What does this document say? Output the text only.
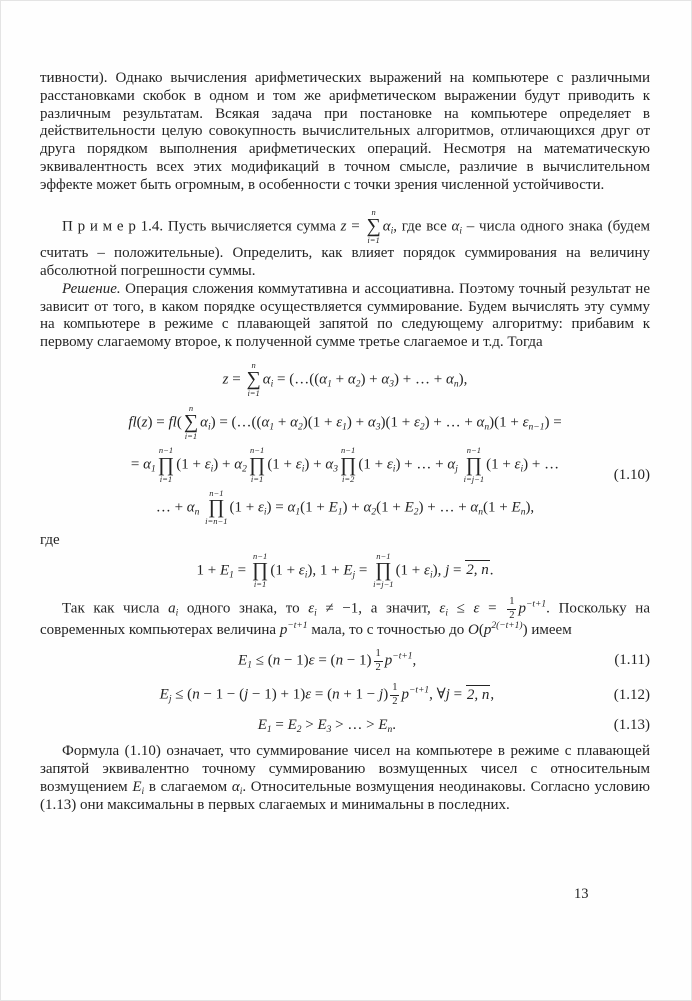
тивности). Однако вычисления арифметических выражений на компьютере с различными расстановками скобок в одном и том же арифметическом выражении будут приводить к различным результатам. Всякая задача при постановке на компьютере определяет в действительности целую совокупность вычислительных алгоритмов, отличающихся друг от друга порядком выполнения арифметических операций. Несмотря на математическую эквивалентность всех этих модификаций в точном смысле, различие в вычислительном эффекте может быть огромным, в особенности с точки зрения численной устойчивости.

П р и м е р 1.4. Пусть вычисляется сумма z =
n
∑
i=1
$\alpha_i$, где все $\alpha_i$ – числа одного знака (будем считать – положительные). Определить, как влияет порядок суммирования на величину абсолютной погрешности суммы.

Решение. Операция сложения коммутативна и ассоциативна. Поэтому точный результат не зависит от того, в каком порядке осуществляется суммирование. Будем вычислять эту сумму на компьютере в режиме с плавающей запятой по следующему алгоритму: прибавим к первому слагаемому второе, к полученной сумме третье слагаемое и т.д. Тогда

z =
n
∑
i=1
$\alpha_i$ = ($\dots((\alpha_1 + \alpha_2) + \alpha_3)$ + … + $\alpha_n$),
fl(z) = fl(
n
∑
i=1
$\alpha_i$) = ($\dots((\alpha_1 + \alpha_2)(1 + \varepsilon_1) + \alpha_3)(1 + \varepsilon_2)$ + … + $\alpha_n)(1 + \varepsilon_{n-1})$ =
= $\alpha_1$
n−1
∏
i=1
$(1 + \varepsilon_i) + \alpha_2$
n−1
∏
i=1
$(1 + \varepsilon_i) + \alpha_3$
n−1
∏
i=2
$(1 + \varepsilon_i)$ + … + $\alpha_j$
n−1
∏
i=j−1
$(1 + \varepsilon_i)$ + …
… + $\alpha_n$
n−1
∏
i=n−1
$(1 + \varepsilon_i) = \alpha_1(1 + E_1) + \alpha_2(1 + E_2)$ + … + $\alpha_n(1 + E_n)$,
(1.10)

где

$1 + E_1$ =
n−1
∏
i=1
$(1 + \varepsilon_i)$, $1 + E_j$ =
n−1
∏
i=j−1
$(1 + \varepsilon_i)$, j = 2, n.

Так как числа $a_i$ одного знака, то $\varepsilon_i \ne -1$, а значит, $\varepsilon_i \le \varepsilon = \frac{1}{2} p^{-t+1}$. Поскольку на современных компьютерах величина $p^{-t+1}$ мала, то с точностью до $O(p^{2(-t+1)})$ имеем

$E_1 \le (n - 1)\varepsilon = (n - 1) \frac{1}{2} p^{-t+1}$,	(1.11)
$E_j \le (n - 1 - (j - 1) + 1)\varepsilon = (n + 1 - j) \frac{1}{2} p^{-t+1}$, ∀j = 2, n,	(1.12)
$E_1 = E_2 > E_3$ > … > $E_n$.	(1.13)

Формула (1.10) означает, что суммирование чисел на компьютере в режиме с плавающей запятой эквивалентно точному суммированию возмущенных чисел с относительным возмущением $E_i$ в слагаемом $\alpha_i$. Относительные возмущения неодинаковы. Согласно условию (1.13) они максимальны в первых слагаемых и минимальны в последних.

13
